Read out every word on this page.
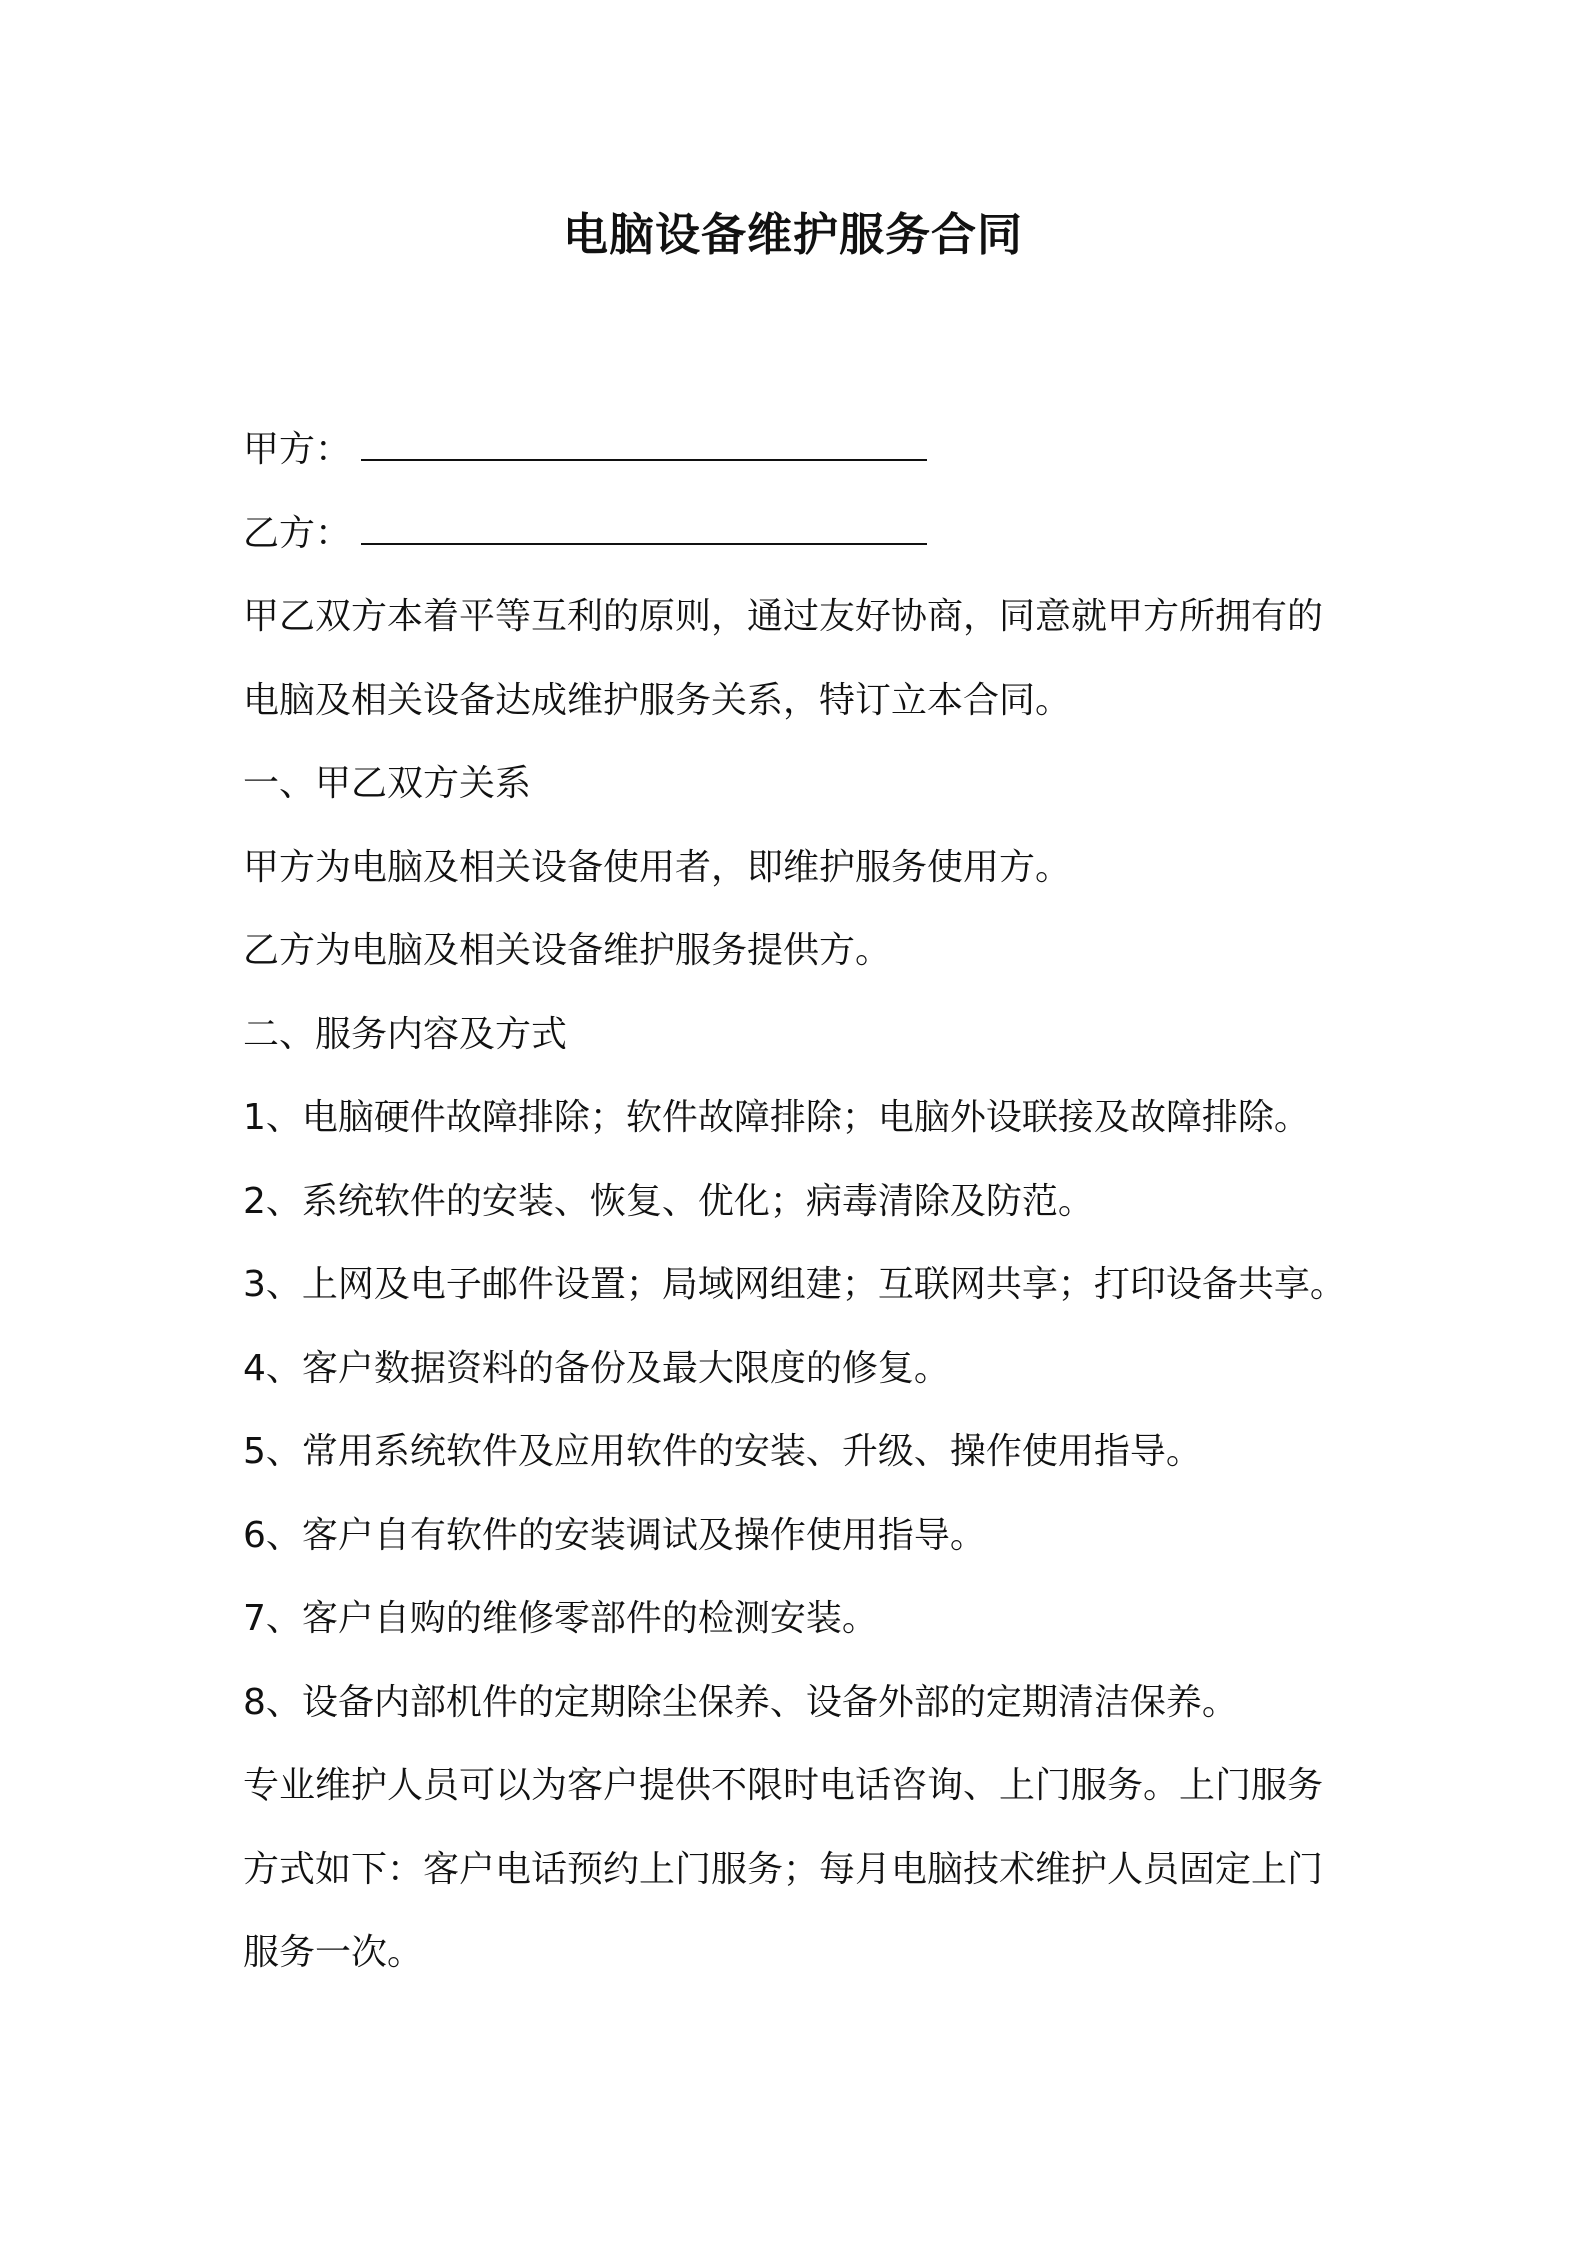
电脑设备维护服务合同
甲方：
乙方：
甲乙双方本着平等互利的原则，通过友好协商，同意就甲方所拥有的
电脑及相关设备达成维护服务关系，特订立本合同。
一、甲乙双方关系
甲方为电脑及相关设备使用者，即维护服务使用方。
乙方为电脑及相关设备维护服务提供方。
二、服务内容及方式
1、电脑硬件故障排除；软件故障排除；电脑外设联接及故障排除。
2、系统软件的安装、恢复、优化；病毒清除及防范。
3、上网及电子邮件设置；局域网组建；互联网共享；打印设备共享。
4、客户数据资料的备份及最大限度的修复。
5、常用系统软件及应用软件的安装、升级、操作使用指导。
6、客户自有软件的安装调试及操作使用指导。
7、客户自购的维修零部件的检测安装。
8、设备内部机件的定期除尘保养、设备外部的定期清洁保养。
专业维护人员可以为客户提供不限时电话咨询、上门服务。上门服务
方式如下：客户电话预约上门服务；每月电脑技术维护人员固定上门
服务一次。
